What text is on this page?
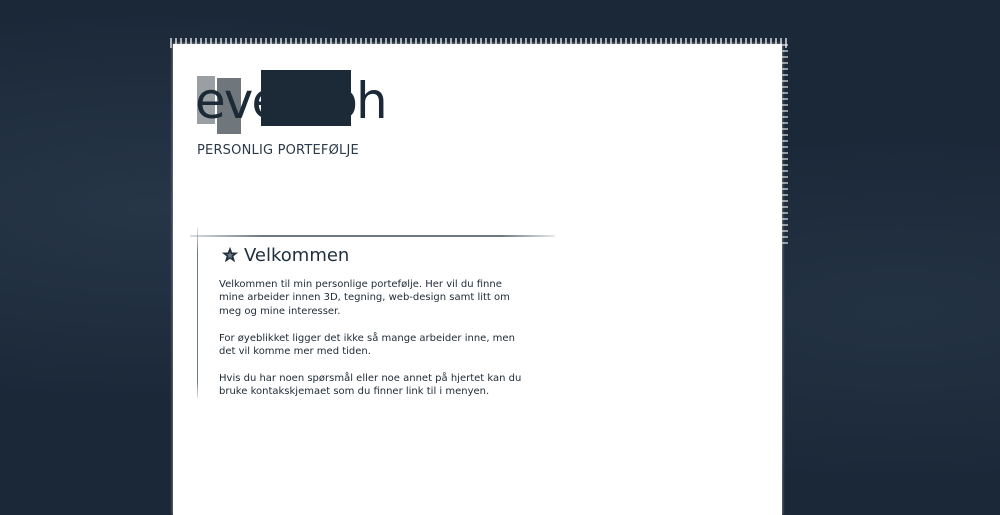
eventoh
PERSONLIG PORTEFØLJE
Velkommen

Velkommen til min personlige portefølje. Her vil du finne mine arbeider innen 3D, tegning, web-design samt litt om meg og mine interesser.

For øyeblikket ligger det ikke så mange arbeider inne, men det vil komme mer med tiden.

Hvis du har noen spørsmål eller noe annet på hjertet kan du bruke kontakskjemaet som du finner link til i menyen.
